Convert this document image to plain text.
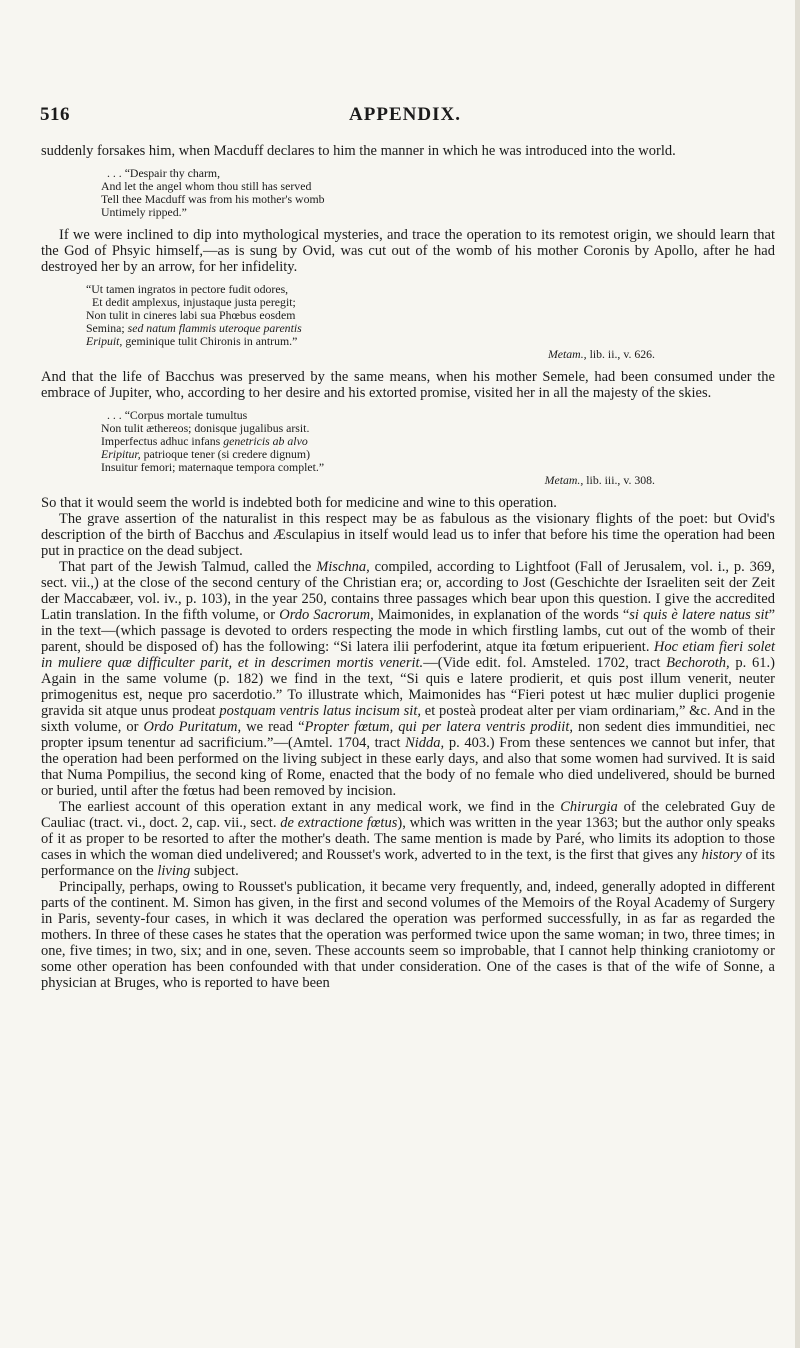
516	APPENDIX.

suddenly forsakes him, when Macduff declares to him the manner in which he was introduced into the world.

. . . “Despair thy charm,
And let the angel whom thou still has served
Tell thee Macduff was from his mother's womb
Untimely ripped.”

If we were inclined to dip into mythological mysteries, and trace the operation to its remotest origin, we should learn that the God of Phsyic himself,—as is sung by Ovid, was cut out of the womb of his mother Coronis by Apollo, after he had destroyed her by an arrow, for her infidelity.

“Ut tamen ingratos in pectore fudit odores,
Et dedit amplexus, injustaque justa peregit;
Non tulit in cineres labi sua Phœbus eosdem
Semina; sed natum flammis uteroque parentis
Eripuit, geminique tulit Chironis in antrum.”
Metam., lib. ii., v. 626.

And that the life of Bacchus was preserved by the same means, when his mother Semele, had been consumed under the embrace of Jupiter, who, according to her desire and his extorted promise, visited her in all the majesty of the skies.

. . . “Corpus mortale tumultus
Non tulit æthereos; donisque jugalibus arsit.
Imperfectus adhuc infans genetricis ab alvo
Eripitur, patrioque tener (si credere dignum)
Insuitur femori; maternaque tempora complet.”
Metam., lib. iii., v. 308.

So that it would seem the world is indebted both for medicine and wine to this operation.

The grave assertion of the naturalist in this respect may be as fabulous as the visionary flights of the poet: but Ovid's description of the birth of Bacchus and Æsculapius in itself would lead us to infer that before his time the operation had been put in practice on the dead subject.

That part of the Jewish Talmud, called the Mischna, compiled, according to Lightfoot (Fall of Jerusalem, vol. i., p. 369, sect. vii.,) at the close of the second century of the Christian era; or, according to Jost (Geschichte der Israeliten seit der Zeit der Maccabæer, vol. iv., p. 103), in the year 250, contains three passages which bear upon this question. I give the accredited Latin translation. In the fifth volume, or Ordo Sacrorum, Maimonides, in explanation of the words “si quis è latere natus sit” in the text—(which passage is devoted to orders respecting the mode in which firstling lambs, cut out of the womb of their parent, should be disposed of) has the following: “Si latera ilii perfoderint, atque ita fœtum eripuerient. Hoc etiam fieri solet in muliere quæ difficulter parit, et in descrimen mortis venerit.—(Vide edit. fol. Amsteled. 1702, tract Bechoroth, p. 61.) Again in the same volume (p. 182) we find in the text, “Si quis e latere prodierit, et quis post illum venerit, neuter primogenitus est, neque pro sacerdotio.” To illustrate which, Maimonides has “Fieri potest ut hæc mulier duplici progenie gravida sit atque unus prodeat postquam ventris latus incisum sit, et posteà prodeat alter per viam ordinariam,” &c. And in the sixth volume, or Ordo Puritatum, we read “Propter fœtum, qui per latera ventris prodiit, non sedent dies immunditiei, nec propter ipsum tenentur ad sacrificium.”—(Amtel. 1704, tract Nidda, p. 403.) From these sentences we cannot but infer, that the operation had been performed on the living subject in these early days, and also that some women had survived. It is said that Numa Pompilius, the second king of Rome, enacted that the body of no female who died undelivered, should be burned or buried, until after the fœtus had been removed by incision.

The earliest account of this operation extant in any medical work, we find in the Chirurgia of the celebrated Guy de Cauliac (tract. vi., doct. 2, cap. vii., sect. de extractione fœtus), which was written in the year 1363; but the author only speaks of it as proper to be resorted to after the mother's death. The same mention is made by Paré, who limits its adoption to those cases in which the woman died undelivered; and Rousset's work, adverted to in the text, is the first that gives any history of its performance on the living subject.

Principally, perhaps, owing to Rousset's publication, it became very frequently, and, indeed, generally adopted in different parts of the continent. M. Simon has given, in the first and second volumes of the Memoirs of the Royal Academy of Surgery in Paris, seventy-four cases, in which it was declared the operation was performed successfully, in as far as regarded the mothers. In three of these cases he states that the operation was performed twice upon the same woman; in two, three times; in one, five times; in two, six; and in one, seven. These accounts seem so improbable, that I cannot help thinking craniotomy or some other operation has been confounded with that under consideration. One of the cases is that of the wife of Sonne, a physician at Bruges, who is reported to have been
